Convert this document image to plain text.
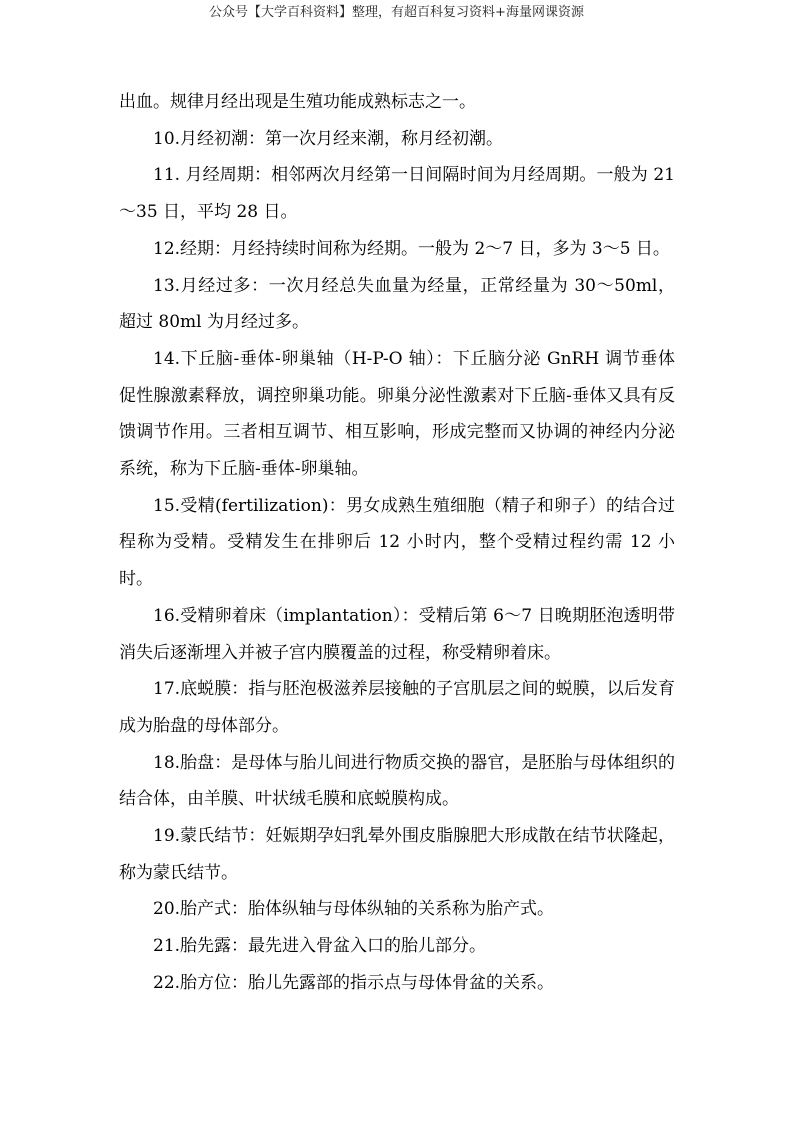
公众号【大学百科资料】整理，有超百科复习资料+海量网课资源

出血。规律月经出现是生殖功能成熟标志之一。

10.月经初潮：第一次月经来潮，称月经初潮。

11. 月经周期：相邻两次月经第一日间隔时间为月经周期。一般为 21～35 日，平均 28 日。

12.经期：月经持续时间称为经期。一般为 2～7 日，多为 3～5 日。

13.月经过多：一次月经总失血量为经量，正常经量为 30～50ml，超过 80ml 为月经过多。

14.下丘脑-垂体-卵巢轴（H-P-O 轴）：下丘脑分泌 GnRH 调节垂体促性腺激素释放，调控卵巢功能。卵巢分泌性激素对下丘脑-垂体又具有反馈调节作用。三者相互调节、相互影响，形成完整而又协调的神经内分泌系统，称为下丘脑-垂体-卵巢轴。

15.受精(fertilization)：男女成熟生殖细胞（精子和卵子）的结合过程称为受精。受精发生在排卵后 12 小时内，整个受精过程约需 12 小时。

16.受精卵着床（implantation）：受精后第 6～7 日晚期胚泡透明带消失后逐渐埋入并被子宫内膜覆盖的过程，称受精卵着床。

17.底蜕膜：指与胚泡极滋养层接触的子宫肌层之间的蜕膜，以后发育成为胎盘的母体部分。

18.胎盘：是母体与胎儿间进行物质交换的器官，是胚胎与母体组织的结合体，由羊膜、叶状绒毛膜和底蜕膜构成。

19.蒙氏结节：妊娠期孕妇乳晕外围皮脂腺肥大形成散在结节状隆起，称为蒙氏结节。

20.胎产式：胎体纵轴与母体纵轴的关系称为胎产式。

21.胎先露：最先进入骨盆入口的胎儿部分。

22.胎方位：胎儿先露部的指示点与母体骨盆的关系。
